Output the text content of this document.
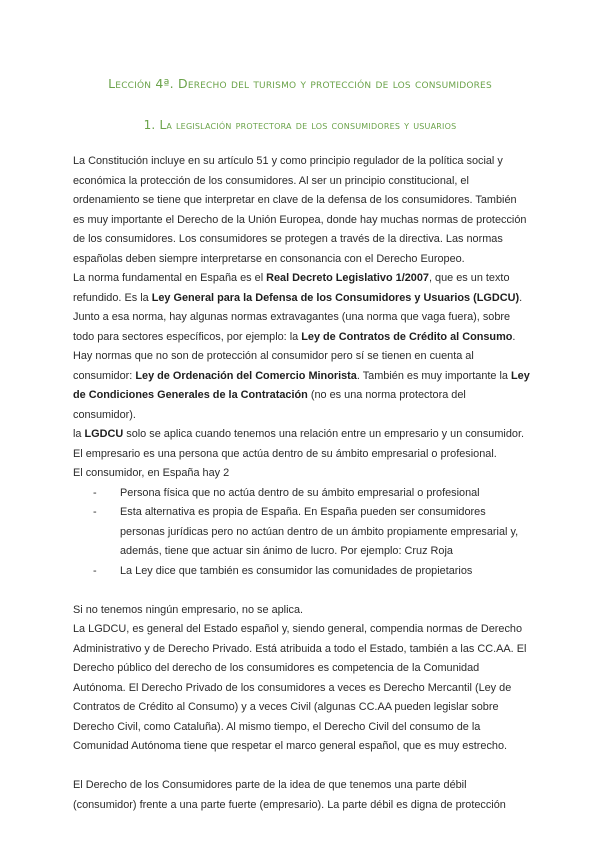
Lección 4ª. Derecho del turismo y protección de los consumidores
1. La legislación protectora de los consumidores y usuarios

La Constitución incluye en su artículo 51 y como principio regulador de la política social y económica la protección de los consumidores. Al ser un principio constitucional, el ordenamiento se tiene que interpretar en clave de la defensa de los consumidores. También es muy importante el Derecho de la Unión Europea, donde hay muchas normas de protección de los consumidores. Los consumidores se protegen a través de la directiva. Las normas españolas deben siempre interpretarse en consonancia con el Derecho Europeo.

La norma fundamental en España es el Real Decreto Legislativo 1/2007, que es un texto refundido. Es la Ley General para la Defensa de los Consumidores y Usuarios (LGDCU). Junto a esa norma, hay algunas normas extravagantes (una norma que vaga fuera), sobre todo para sectores específicos, por ejemplo: la Ley de Contratos de Crédito al Consumo. Hay normas que no son de protección al consumidor pero sí se tienen en cuenta al consumidor: Ley de Ordenación del Comercio Minorista. También es muy importante la Ley de Condiciones Generales de la Contratación (no es una norma protectora del consumidor).

la LGDCU solo se aplica cuando tenemos una relación entre un empresario y un consumidor. El empresario es una persona que actúa dentro de su ámbito empresarial o profesional.

El consumidor, en España hay 2

- Persona física que no actúa dentro de su ámbito empresarial o profesional
- Esta alternativa es propia de España. En España pueden ser consumidores personas jurídicas pero no actúan dentro de un ámbito propiamente empresarial y, además, tiene que actuar sin ánimo de lucro. Por ejemplo: Cruz Roja
- La Ley dice que también es consumidor las comunidades de propietarios

Si no tenemos ningún empresario, no se aplica.

La LGDCU, es general del Estado español y, siendo general, compendia normas de Derecho Administrativo y de Derecho Privado. Está atribuida a todo el Estado, también a las CC.AA. El Derecho público del derecho de los consumidores es competencia de la Comunidad Autónoma. El Derecho Privado de los consumidores a veces es Derecho Mercantil (Ley de Contratos de Crédito al Consumo) y a veces Civil (algunas CC.AA pueden legislar sobre Derecho Civil, como Cataluña). Al mismo tiempo, el Derecho Civil del consumo de la Comunidad Autónoma tiene que respetar el marco general español, que es muy estrecho.

El Derecho de los Consumidores parte de la idea de que tenemos una parte débil (consumidor) frente a una parte fuerte (empresario). La parte débil es digna de protección
